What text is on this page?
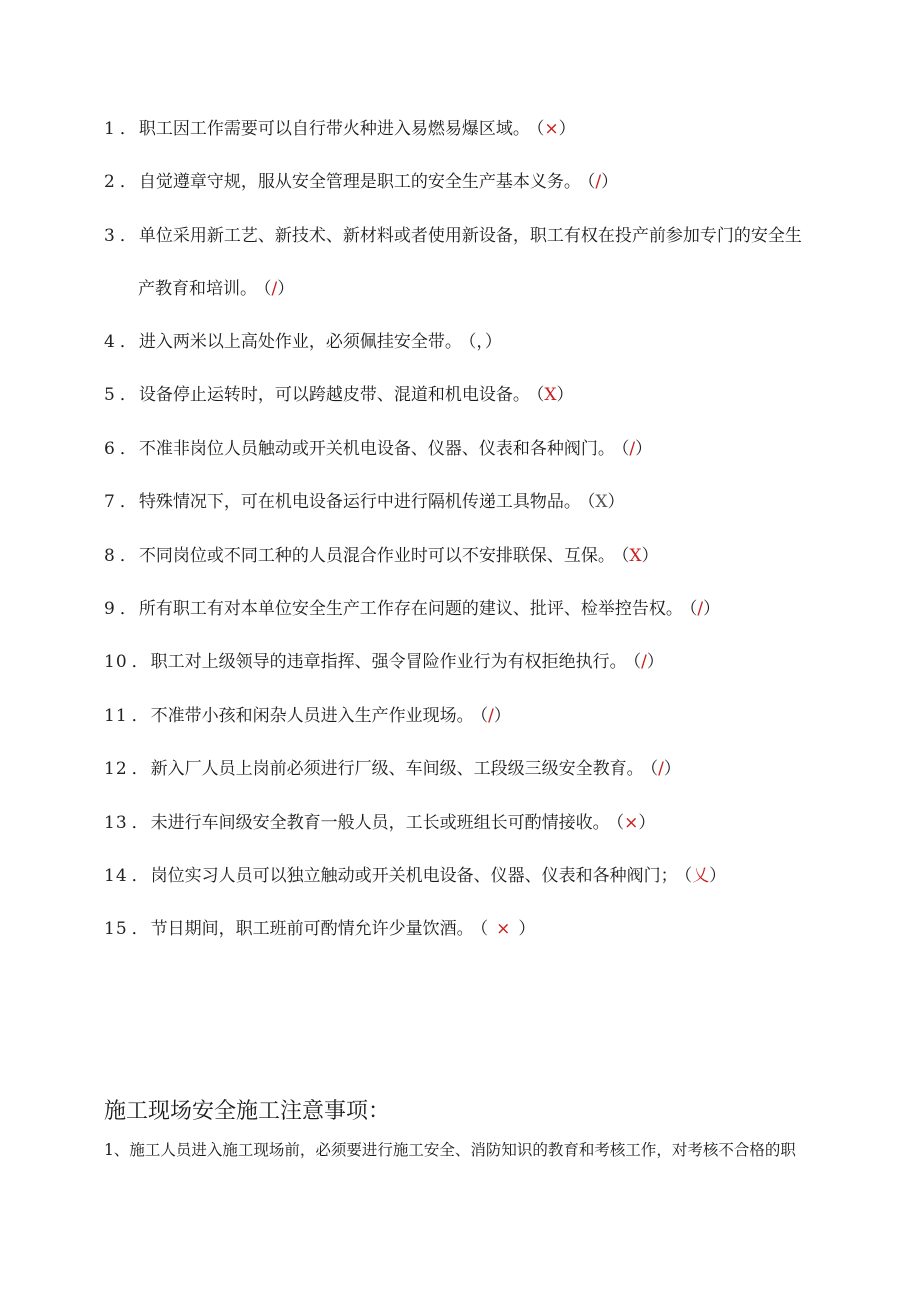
1 ． 职工因工作需要可以自行带火种进入易燃易爆区域。 （×）
2 ． 自觉遵章守规，服从安全管理是职工的安全生产基本义务。 （/）
3 ． 单位采用新工艺、新技术、新材料或者使用新设备，职工有权在投产前参加专门的安全生
产教育和培训。 （/）
4 ． 进入两米以上高处作业，必须佩挂安全带。 （，）
5 ． 设备停止运转时，可以跨越皮带、混道和机电设备。 （X）
6 ． 不准非岗位人员触动或开关机电设备、仪器、仪表和各种阀门。 （/）
7 ． 特殊情况下，可在机电设备运行中进行隔机传递工具物品。 （X）
8 ． 不同岗位或不同工种的人员混合作业时可以不安排联保、互保。 （X）
9 ． 所有职工有对本单位安全生产工作存在问题的建议、批评、检举控告权。 （/）
10 ． 职工对上级领导的违章指挥、强令冒险作业行为有权拒绝执行。 （/）
11 ． 不准带小孩和闲杂人员进入生产作业现场。 （/）
12 ． 新入厂人员上岗前必须进行厂级、车间级、工段级三级安全教育。 （/）
13 ． 未进行车间级安全教育一般人员，工长或班组长可酌情接收。 （×）
14 ． 岗位实习人员可以独立触动或开关机电设备、仪器、仪表和各种阀门； （乂）
15 ． 节日期间，职工班前可酌情允许少量饮酒。 （ × ）
施工现场安全施工注意事项：
1、施工人员进入施工现场前，必须要进行施工安全、消防知识的教育和考核工作，对考核不合格的职
